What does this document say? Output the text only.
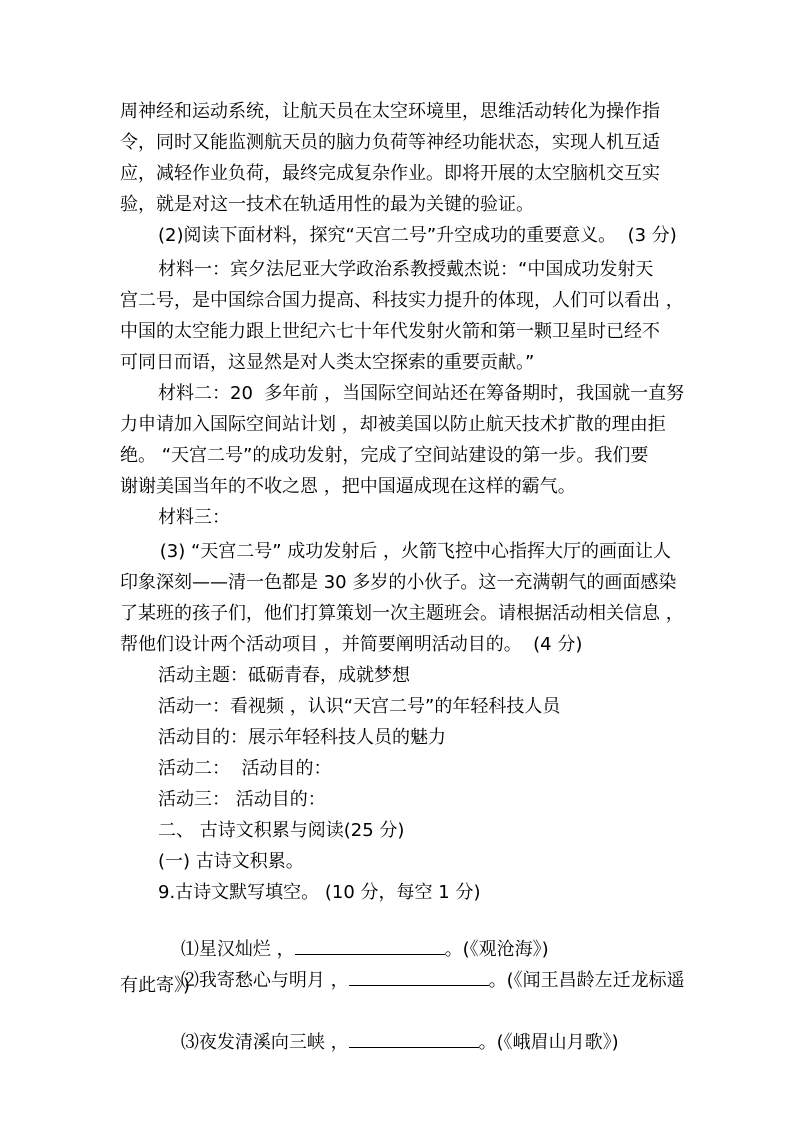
周神经和运动系统，让航天员在太空环境里，思维活动转化为操作指
令，同时又能监测航天员的脑力负荷等神经功能状态，实现人机互适
应，减轻作业负荷，最终完成复杂作业。即将开展的太空脑机交互实
验，就是对这一技术在轨适用性的最为关键的验证。
(2)阅读下面材料，探究“天宫二号”升空成功的重要意义。  (3 分)
材料一：宾夕法尼亚大学政治系教授戴杰说：“中国成功发射天
宫二号，是中国综合国力提高、科技实力提升的体现，人们可以看出 ，
中国的太空能力跟上世纪六七十年代发射火箭和第一颗卫星时已经不
可同日而语，这显然是对人类太空探索的重要贡献。”
材料二：20  多年前 ，当国际空间站还在筹备期时，我国就一直努
力申请加入国际空间站计划 ，却被美国以防止航天技术扩散的理由拒
绝。 “天宫二号”的成功发射，完成了空间站建设的第一步。我们要
谢谢美国当年的不收之恩 ，把中国逼成现在这样的霸气。
材料三：
(3) “天宫二号” 成功发射后 ，火箭飞控中心指挥大厅的画面让人
印象深刻——清一色都是 30 多岁的小伙子。这一充满朝气的画面感染
了某班的孩子们，他们打算策划一次主题班会。请根据活动相关信息 ，
帮他们设计两个活动项目 ，并简要阐明活动目的。  (4 分)
活动主题：砥砺青春，成就梦想
活动一：看视频 ，认识“天宫二号”的年轻科技人员
活动目的：展示年轻科技人员的魅力
活动二：  活动目的：
活动三： 活动目的：
二、 古诗文积累与阅读(25 分)
(一) 古诗文积累。
9.古诗文默写填空。 (10 分，每空 1 分)

⑴星汉灿烂 ，	。(《观沧海》)

⑵我寄愁心与明月 ，	。(《闻王昌龄左迁龙标遥

有此寄》)

⑶夜发清溪向三峡 ，	。(《峨眉山月歌》)
